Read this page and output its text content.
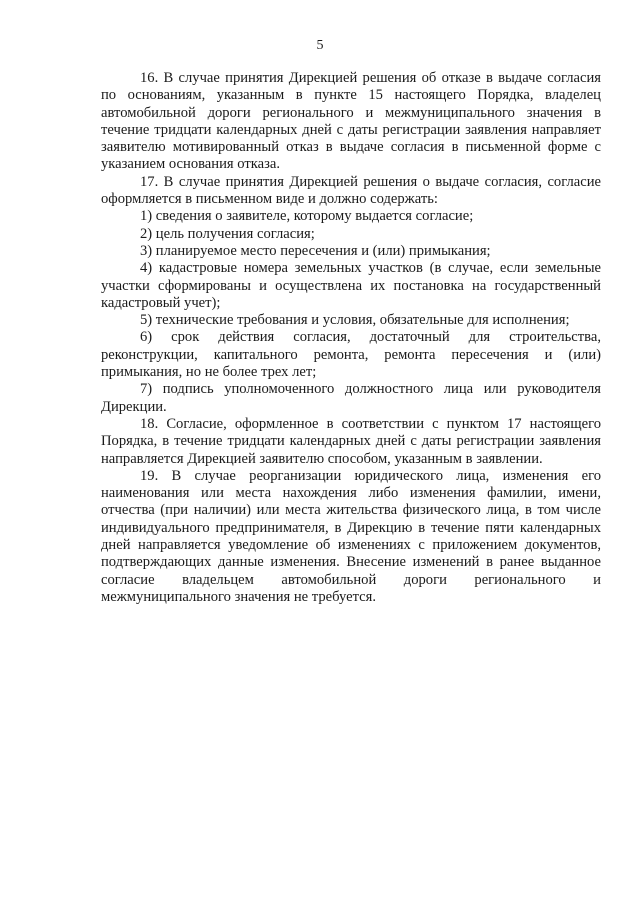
5

16. В случае принятия Дирекцией решения об отказе в выдаче согласия по основаниям, указанным в пункте 15 настоящего Порядка, владелец автомобильной дороги регионального и межмуниципального значения в течение тридцати календарных дней с даты регистрации заявления направляет заявителю мотивированный отказ в выдаче согласия в письменной форме с указанием основания отказа.

17. В случае принятия Дирекцией решения о выдаче согласия, согласие оформляется в письменном виде и должно содержать:

1) сведения о заявителе, которому выдается согласие;

2) цель получения согласия;

3) планируемое место пересечения и (или) примыкания;

4) кадастровые номера земельных участков (в случае, если земельные участки сформированы и осуществлена их постановка на государственный кадастровый учет);

5) технические требования и условия, обязательные для исполнения;

6) срок действия согласия, достаточный для строительства, реконструкции, капитального ремонта, ремонта пересечения и (или) примыкания, но не более трех лет;

7) подпись уполномоченного должностного лица или руководителя Дирекции.

18. Согласие, оформленное в соответствии с пунктом 17 настоящего Порядка, в течение тридцати календарных дней с даты регистрации заявления направляется Дирекцией заявителю способом, указанным в заявлении.

19. В случае реорганизации юридического лица, изменения его наименования или места нахождения либо изменения фамилии, имени, отчества (при наличии) или места жительства физического лица, в том числе индивидуального предпринимателя, в Дирекцию в течение пяти календарных дней направляется уведомление об изменениях с приложением документов, подтверждающих данные изменения. Внесение изменений в ранее выданное согласие владельцем автомобильной дороги регионального и межмуниципального значения не требуется.
